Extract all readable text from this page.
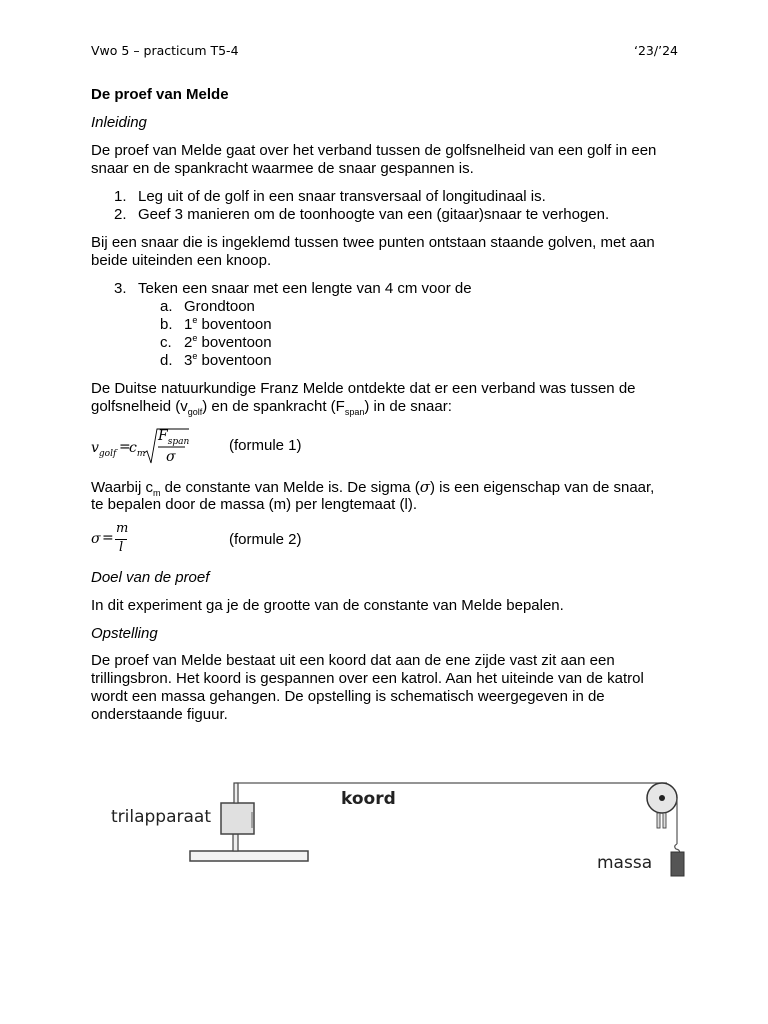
Vwo 5 – practicum T5-4	‘23/’24
De proef van Melde
Inleiding
De proef van Melde gaat over het verband tussen de golfsnelheid van een golf in een
snaar en de spankracht waarmee de snaar gespannen is.
1. Leg uit of de golf in een snaar transversaal of longitudinaal is.
2. Geef 3 manieren om de toonhoogte van een (gitaar)snaar te verhogen.
Bij een snaar die is ingeklemd tussen twee punten ontstaan staande golven, met aan
beide uiteinden een knoop.
3. Teken een snaar met een lengte van 4 cm voor de
a. Grondtoon
b. 1e boventoon
c. 2e boventoon
d. 3e boventoon
De Duitse natuurkundige Franz Melde ontdekte dat er een verband was tussen de
golfsnelheid $(v_{golf})$ en de spankracht $(F_{span})$ in de snaar:
$v_{golf}$ =
$c_m$
$F_{span}$
σ
(formule 1)
Waarbij $c_m$ de constante van Melde is. De sigma (σ) is een eigenschap van de snaar,
te bepalen door de massa (m) per lengtemaat (l).
σ =
m
l	(formule 2)
Doel van de proef
In dit experiment ga je de grootte van de constante van Melde bepalen.
Opstelling
De proef van Melde bestaat uit een koord dat aan de ene zijde vast zit aan een
trillingsbron. Het koord is gespannen over een katrol. Aan het uiteinde van de katrol
wordt een massa gehangen. De opstelling is schematisch weergegeven in de
onderstaande figuur.
trilapparaat
koord
massa
